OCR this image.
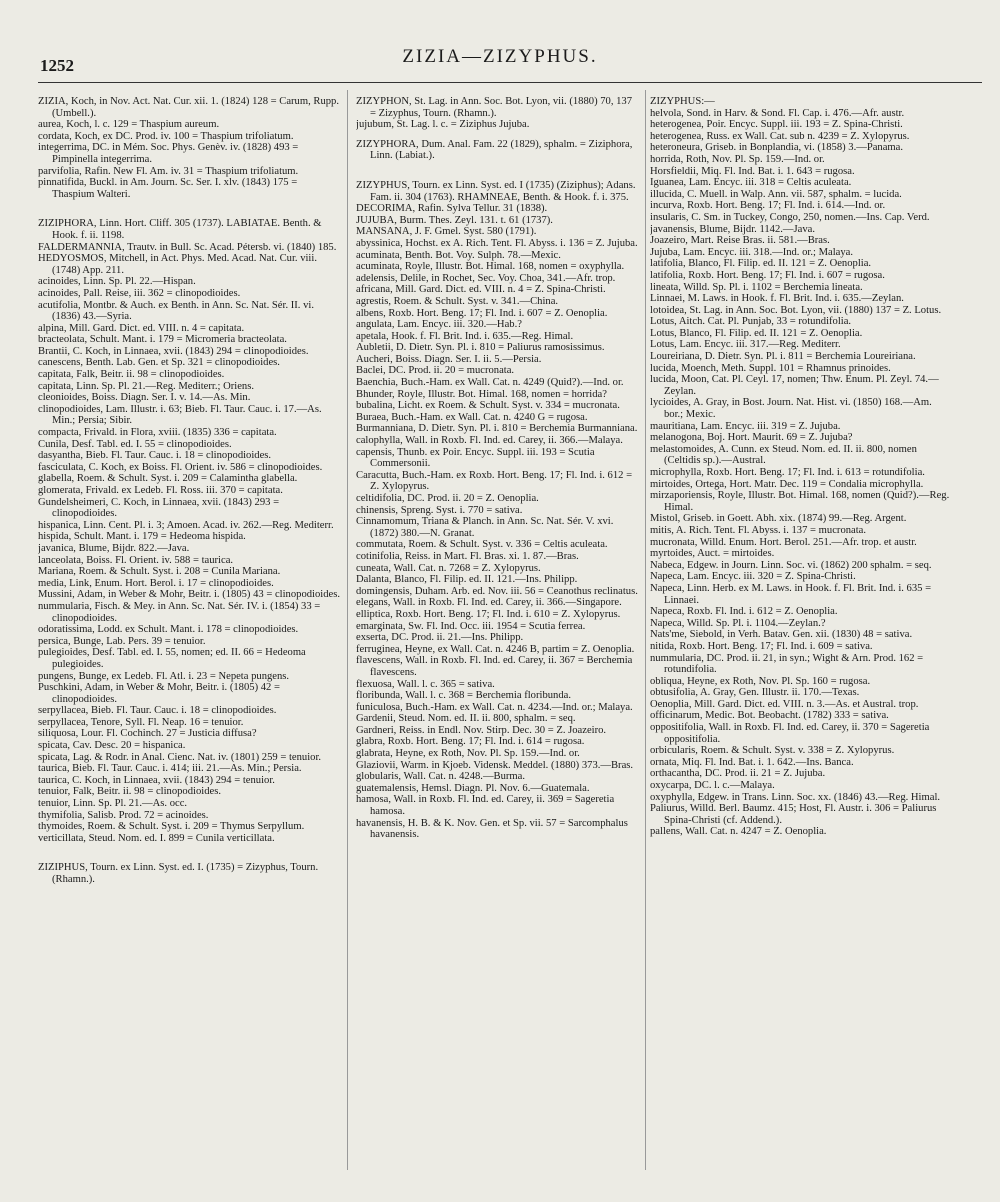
1252	ZIZIA—ZIZYPHUS.

ZIZIA, Koch, in Nov. Act. Nat. Cur. xii. 1. (1824) 128 = Carum, Rupp. (Umbell.).

aurea, Koch, l. c. 129 = Thaspium aureum.

cordata, Koch, ex DC. Prod. iv. 100 = Thaspium trifoliatum.

integerrima, DC. in Mém. Soc. Phys. Genèv. iv. (1828) 493 = Pimpinella integerrima.

parvifolia, Rafin. New Fl. Am. iv. 31 = Thaspium trifoliatum.

pinnatifida, Buckl. in Am. Journ. Sc. Ser. I. xlv. (1843) 175 = Thaspium Walteri.

ZIZIPHORA, Linn. Hort. Cliff. 305 (1737). LABIATAE. Benth. & Hook. f. ii. 1198.

FALDERMANNIA, Trautv. in Bull. Sc. Acad. Pétersb. vi. (1840) 185.

HEDYOSMOS, Mitchell, in Act. Phys. Med. Acad. Nat. Cur. viii. (1748) App. 211.

acinoides, Linn. Sp. Pl. 22.—Hispan.

acinoides, Pall. Reise, iii. 362 = clinopodioides.

acutifolia, Montbr. & Auch. ex Benth. in Ann. Sc. Nat. Sér. II. vi. (1836) 43.—Syria.

alpina, Mill. Gard. Dict. ed. VIII. n. 4 = capitata.

bracteolata, Schult. Mant. i. 179 = Micromeria bracteolata.

Brantii, C. Koch, in Linnaea, xvii. (1843) 294 = clinopodioides.

canescens, Benth. Lab. Gen. et Sp. 321 = clinopodioides.

capitata, Falk, Beitr. ii. 98 = clinopodioides.

capitata, Linn. Sp. Pl. 21.—Reg. Mediterr.; Oriens.

cleonioides, Boiss. Diagn. Ser. I. v. 14.—As. Min.

clinopodioides, Lam. Illustr. i. 63; Bieb. Fl. Taur. Cauc. i. 17.—As. Min.; Persia; Sibir.

compacta, Frivald. in Flora, xviii. (1835) 336 = capitata.

Cunila, Desf. Tabl. ed. I. 55 = clinopodioides.

dasyantha, Bieb. Fl. Taur. Cauc. i. 18 = clinopodioides.

fasciculata, C. Koch, ex Boiss. Fl. Orient. iv. 586 = clinopodioides.

glabella, Roem. & Schult. Syst. i. 209 = Calamintha glabella.

glomerata, Frivald. ex Ledeb. Fl. Ross. iii. 370 = capitata.

Gundelsheimeri, C. Koch, in Linnaea, xvii. (1843) 293 = clinopodioides.

hispanica, Linn. Cent. Pl. i. 3; Amoen. Acad. iv. 262.—Reg. Mediterr.

hispida, Schult. Mant. i. 179 = Hedeoma hispida.

javanica, Blume, Bijdr. 822.—Java.

lanceolata, Boiss. Fl. Orient. iv. 588 = taurica.

Mariana, Roem. & Schult. Syst. i. 208 = Cunila Mariana.

media, Link, Enum. Hort. Berol. i. 17 = clinopodioides.

Mussini, Adam, in Weber & Mohr, Beitr. i. (1805) 43 = clinopodioides.

nummularia, Fisch. & Mey. in Ann. Sc. Nat. Sér. IV. i. (1854) 33 = clinopodioides.

odoratissima, Lodd. ex Schult. Mant. i. 178 = clinopodioides.

persica, Bunge, Lab. Pers. 39 = tenuior.

pulegioides, Desf. Tabl. ed. I. 55, nomen; ed. II. 66 = Hedeoma pulegioides.

pungens, Bunge, ex Ledeb. Fl. Atl. i. 23 = Nepeta pungens.

Puschkini, Adam, in Weber & Mohr, Beitr. i. (1805) 42 = clinopodioides.

serpyllacea, Bieb. Fl. Taur. Cauc. i. 18 = clinopodioides.

serpyllacea, Tenore, Syll. Fl. Neap. 16 = tenuior.

siliquosa, Lour. Fl. Cochinch. 27 = Justicia diffusa?

spicata, Cav. Desc. 20 = hispanica.

spicata, Lag. & Rodr. in Anal. Cienc. Nat. iv. (1801) 259 = tenuior.

taurica, Bieb. Fl. Taur. Cauc. i. 414; iii. 21.—As. Min.; Persia.

taurica, C. Koch, in Linnaea, xvii. (1843) 294 = tenuior.

tenuior, Falk, Beitr. ii. 98 = clinopodioides.

tenuior, Linn. Sp. Pl. 21.—As. occ.

thymifolia, Salisb. Prod. 72 = acinoides.

thymoides, Roem. & Schult. Syst. i. 209 = Thymus Serpyllum.

verticillata, Steud. Nom. ed. I. 899 = Cunila verticillata.

ZIZIPHUS, Tourn. ex Linn. Syst. ed. I. (1735) = Zizyphus, Tourn. (Rhamn.).

ZIZYPHON, St. Lag. in Ann. Soc. Bot. Lyon, vii. (1880) 70, 137 = Zizyphus, Tourn. (Rhamn.).

jujubum, St. Lag. l. c. = Ziziphus Jujuba.

ZIZYPHORA, Dum. Anal. Fam. 22 (1829), sphalm. = Ziziphora, Linn. (Labiat.).

ZIZYPHUS, Tourn. ex Linn. Syst. ed. I (1735) (Ziziphus); Adans. Fam. ii. 304 (1763). RHAMNEAE, Benth. & Hook. f. i. 375.

DECORIMA, Rafin. Sylva Tellur. 31 (1838).

JUJUBA, Burm. Thes. Zeyl. 131. t. 61 (1737).

MANSANA, J. F. Gmel. Syst. 580 (1791).

abyssinica, Hochst. ex A. Rich. Tent. Fl. Abyss. i. 136 = Z. Jujuba.

acuminata, Benth. Bot. Voy. Sulph. 78.—Mexic.

acuminata, Royle, Illustr. Bot. Himal. 168, nomen = oxyphylla.

adelensis, Delile, in Rochet, Sec. Voy. Choa, 341.—Afr. trop.

africana, Mill. Gard. Dict. ed. VIII. n. 4 = Z. Spina-Christi.

agrestis, Roem. & Schult. Syst. v. 341.—China.

albens, Roxb. Hort. Beng. 17; Fl. Ind. i. 607 = Z. Oenoplia.

angulata, Lam. Encyc. iii. 320.—Hab.?

apetala, Hook. f. Fl. Brit. Ind. i. 635.—Reg. Himal.

Aubletii, D. Dietr. Syn. Pl. i. 810 = Paliurus ramosissimus.

Aucheri, Boiss. Diagn. Ser. I. ii. 5.—Persia.

Baclei, DC. Prod. ii. 20 = mucronata.

Baenchia, Buch.-Ham. ex Wall. Cat. n. 4249 (Quid?).—Ind. or.

Bhunder, Royle, Illustr. Bot. Himal. 168, nomen = horrida?

bubalina, Licht. ex Roem. & Schult. Syst. v. 334 = mucronata.

Buraea, Buch.-Ham. ex Wall. Cat. n. 4240 G = rugosa.

Burmanniana, D. Dietr. Syn. Pl. i. 810 = Berchemia Burmanniana.

calophylla, Wall. in Roxb. Fl. Ind. ed. Carey, ii. 366.—Malaya.

capensis, Thunb. ex Poir. Encyc. Suppl. iii. 193 = Scutia Commersonii.

Caracutta, Buch.-Ham. ex Roxb. Hort. Beng. 17; Fl. Ind. i. 612 = Z. Xylopyrus.

celtidifolia, DC. Prod. ii. 20 = Z. Oenoplia.

chinensis, Spreng. Syst. i. 770 = sativa.

Cinnamomum, Triana & Planch. in Ann. Sc. Nat. Sér. V. xvi. (1872) 380.—N. Granat.

commutata, Roem. & Schult. Syst. v. 336 = Celtis aculeata.

cotinifolia, Reiss. in Mart. Fl. Bras. xi. 1. 87.—Bras.

cuneata, Wall. Cat. n. 7268 = Z. Xylopyrus.

Dalanta, Blanco, Fl. Filip. ed. II. 121.—Ins. Philipp.

domingensis, Duham. Arb. ed. Nov. iii. 56 = Ceanothus reclinatus.

elegans, Wall. in Roxb. Fl. Ind. ed. Carey, ii. 366.—Singapore.

elliptica, Roxb. Hort. Beng. 17; Fl. Ind. i. 610 = Z. Xylopyrus.

emarginata, Sw. Fl. Ind. Occ. iii. 1954 = Scutia ferrea.

exserta, DC. Prod. ii. 21.—Ins. Philipp.

ferruginea, Heyne, ex Wall. Cat. n. 4246 B, partim = Z. Oenoplia.

flavescens, Wall. in Roxb. Fl. Ind. ed. Carey, ii. 367 = Berchemia flavescens.

flexuosa, Wall. l. c. 365 = sativa.

floribunda, Wall. l. c. 368 = Berchemia floribunda.

funiculosa, Buch.-Ham. ex Wall. Cat. n. 4234.—Ind. or.; Malaya.

Gardenii, Steud. Nom. ed. II. ii. 800, sphalm. = seq.

Gardneri, Reiss. in Endl. Nov. Stirp. Dec. 30 = Z. Joazeiro.

glabra, Roxb. Hort. Beng. 17; Fl. Ind. i. 614 = rugosa.

glabrata, Heyne, ex Roth, Nov. Pl. Sp. 159.—Ind. or.

Glaziovii, Warm. in Kjoeb. Vidensk. Meddel. (1880) 373.—Bras.

globularis, Wall. Cat. n. 4248.—Burma.

guatemalensis, Hemsl. Diagn. Pl. Nov. 6.—Guatemala.

hamosa, Wall. in Roxb. Fl. Ind. ed. Carey, ii. 369 = Sageretia hamosa.

havanensis, H. B. & K. Nov. Gen. et Sp. vii. 57 = Sarcomphalus havanensis.

ZIZYPHUS:—

helvola, Sond. in Harv. & Sond. Fl. Cap. i. 476.—Afr. austr.

heterogenea, Poir. Encyc. Suppl. iii. 193 = Z. Spina-Christi.

heterogenea, Russ. ex Wall. Cat. sub n. 4239 = Z. Xylopyrus.

heteroneura, Griseb. in Bonplandia, vi. (1858) 3.—Panama.

horrida, Roth, Nov. Pl. Sp. 159.—Ind. or.

Horsfieldii, Miq. Fl. Ind. Bat. i. 1. 643 = rugosa.

Iguanea, Lam. Encyc. iii. 318 = Celtis aculeata.

illucida, C. Muell. in Walp. Ann. vii. 587, sphalm. = lucida.

incurva, Roxb. Hort. Beng. 17; Fl. Ind. i. 614.—Ind. or.

insularis, C. Sm. in Tuckey, Congo, 250, nomen.—Ins. Cap. Verd.

javanensis, Blume, Bijdr. 1142.—Java.

Joazeiro, Mart. Reise Bras. ii. 581.—Bras.

Jujuba, Lam. Encyc. iii. 318.—Ind. or.; Malaya.

latifolia, Blanco, Fl. Filip. ed. II. 121 = Z. Oenoplia.

latifolia, Roxb. Hort. Beng. 17; Fl. Ind. i. 607 = rugosa.

lineata, Willd. Sp. Pl. i. 1102 = Berchemia lineata.

Linnaei, M. Laws. in Hook. f. Fl. Brit. Ind. i. 635.—Zeylan.

lotoidea, St. Lag. in Ann. Soc. Bot. Lyon, vii. (1880) 137 = Z. Lotus.

Lotus, Aitch. Cat. Pl. Punjab, 33 = rotundifolia.

Lotus, Blanco, Fl. Filip. ed. II. 121 = Z. Oenoplia.

Lotus, Lam. Encyc. iii. 317.—Reg. Mediterr.

Loureiriana, D. Dietr. Syn. Pl. i. 811 = Berchemia Loureiriana.

lucida, Moench, Meth. Suppl. 101 = Rhamnus prinoides.

lucida, Moon, Cat. Pl. Ceyl. 17, nomen; Thw. Enum. Pl. Zeyl. 74.—Zeylan.

lycioides, A. Gray, in Bost. Journ. Nat. Hist. vi. (1850) 168.—Am. bor.; Mexic.

mauritiana, Lam. Encyc. iii. 319 = Z. Jujuba.

melanogona, Boj. Hort. Maurit. 69 = Z. Jujuba?

melastomoides, A. Cunn. ex Steud. Nom. ed. II. ii. 800, nomen (Celtidis sp.).—Austral.

microphylla, Roxb. Hort. Beng. 17; Fl. Ind. i. 613 = rotundifolia.

mirtoides, Ortega, Hort. Matr. Dec. 119 = Condalia microphylla.

mirzaporiensis, Royle, Illustr. Bot. Himal. 168, nomen (Quid?).—Reg. Himal.

Mistol, Griseb. in Goett. Abh. xix. (1874) 99.—Reg. Argent.

mitis, A. Rich. Tent. Fl. Abyss. i. 137 = mucronata.

mucronata, Willd. Enum. Hort. Berol. 251.—Afr. trop. et austr.

myrtoides, Auct. = mirtoides.

Nabeca, Edgew. in Journ. Linn. Soc. vi. (1862) 200 sphalm. = seq.

Napeca, Lam. Encyc. iii. 320 = Z. Spina-Christi.

Napeca, Linn. Herb. ex M. Laws. in Hook. f. Fl. Brit. Ind. i. 635 = Linnaei.

Napeca, Roxb. Fl. Ind. i. 612 = Z. Oenoplia.

Napeca, Willd. Sp. Pl. i. 1104.—Zeylan.?

Nats'me, Siebold, in Verh. Batav. Gen. xii. (1830) 48 = sativa.

nitida, Roxb. Hort. Beng. 17; Fl. Ind. i. 609 = sativa.

nummularia, DC. Prod. ii. 21, in syn.; Wight & Arn. Prod. 162 = rotundifolia.

obliqua, Heyne, ex Roth, Nov. Pl. Sp. 160 = rugosa.

obtusifolia, A. Gray, Gen. Illustr. ii. 170.—Texas.

Oenoplia, Mill. Gard. Dict. ed. VIII. n. 3.—As. et Austral. trop.

officinarum, Medic. Bot. Beobacht. (1782) 333 = sativa.

oppositifolia, Wall. in Roxb. Fl. Ind. ed. Carey, ii. 370 = Sageretia oppositifolia.

orbicularis, Roem. & Schult. Syst. v. 338 = Z. Xylopyrus.

ornata, Miq. Fl. Ind. Bat. i. 1. 642.—Ins. Banca.

orthacantha, DC. Prod. ii. 21 = Z. Jujuba.

oxycarpa, DC. l. c.—Malaya.

oxyphylla, Edgew. in Trans. Linn. Soc. xx. (1846) 43.—Reg. Himal.

Paliurus, Willd. Berl. Baumz. 415; Host, Fl. Austr. i. 306 = Paliurus Spina-Christi (cf. Addend.).

pallens, Wall. Cat. n. 4247 = Z. Oenoplia.
